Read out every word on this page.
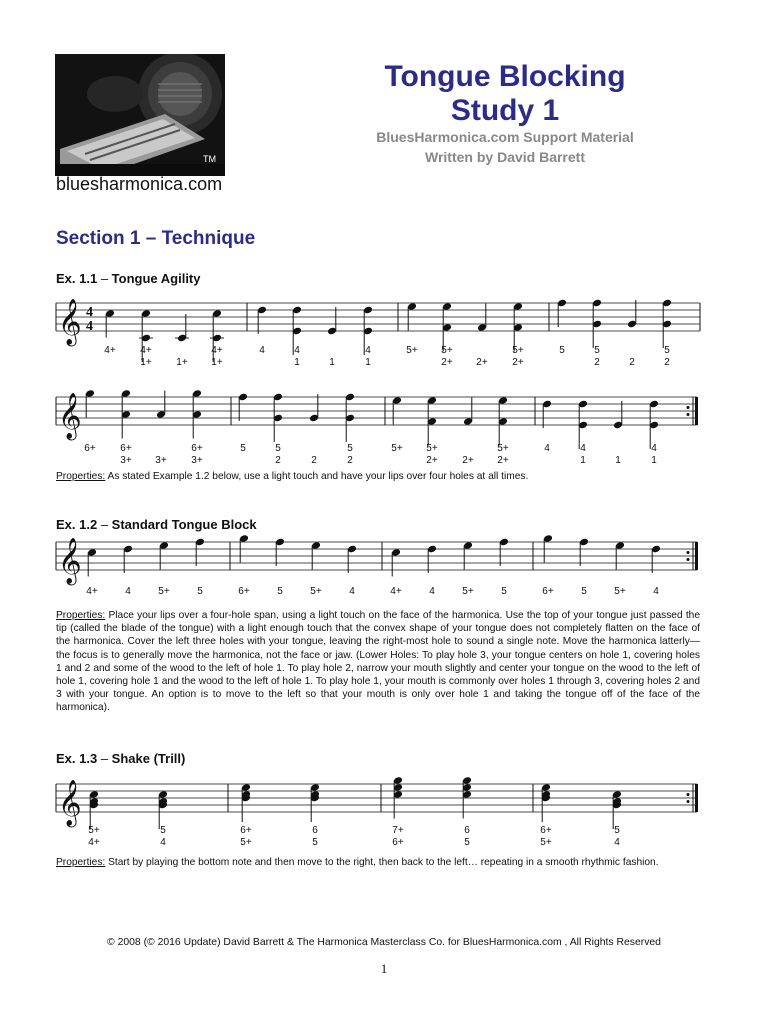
TM
bluesharmonica.com
Tongue Blocking
Study 1
BluesHarmonica.com Support Material
Written by David Barrett
Section 1 – Technique
Ex. 1.1 – Tongue Agility
Ex. 1.2 – Standard Tongue Block
Ex. 1.3 – Shake (Trill)
𝄞 4
4
𝄞
𝄞
𝄞
4+	4+	4+	4	4	4	5+	5+	5+	5	5	5
1+	1+	1+	1	1	1	2+	2+	2+	2	2	2
6+	6+	6+	5	5	5	5+	5+	5+	4	4	4
3+	3+	3+	2	2	2	2+	2+	2+	1	1	1
4+	4	5+	5	6+	5	5+	4	4+	4	5+	5	6+	5	5+	4
5+	5	6+	6	7+	6	6+	5
4+	4	5+	5	6+	5	5+	4
Properties: As stated Example 1.2 below, use a light touch and have your lips over four holes at all times.
Properties: Place your lips over a four-hole span, using a light touch on the face of the harmonica. Use the top of your tongue just passed the tip (called the blade of the tongue) with a light enough touch that the convex shape of your tongue does not completely flatten on the face of the harmonica. Cover the left three holes with your tongue, leaving the right-most hole to sound a single note. Move the harmonica latterly—the focus is to generally move the harmonica, not the face or jaw. (Lower Holes: To play hole 3, your tongue centers on hole 1, covering holes 1 and 2 and some of the wood to the left of hole 1. To play hole 2, narrow your mouth slightly and center your tongue on the wood to the left of hole 1, covering hole 1 and the wood to the left of hole 1. To play hole 1, your mouth is commonly over holes 1 through 3, covering holes 2 and 3 with your tongue. An option is to move to the left so that your mouth is only over hole 1 and taking the tongue off of the face of the harmonica).
Properties: Start by playing the bottom note and then move to the right, then back to the left… repeating in a smooth rhythmic fashion.
© 2008 (© 2016 Update) David Barrett & The Harmonica Masterclass Co. for BluesHarmonica.com , All Rights Reserved
1
